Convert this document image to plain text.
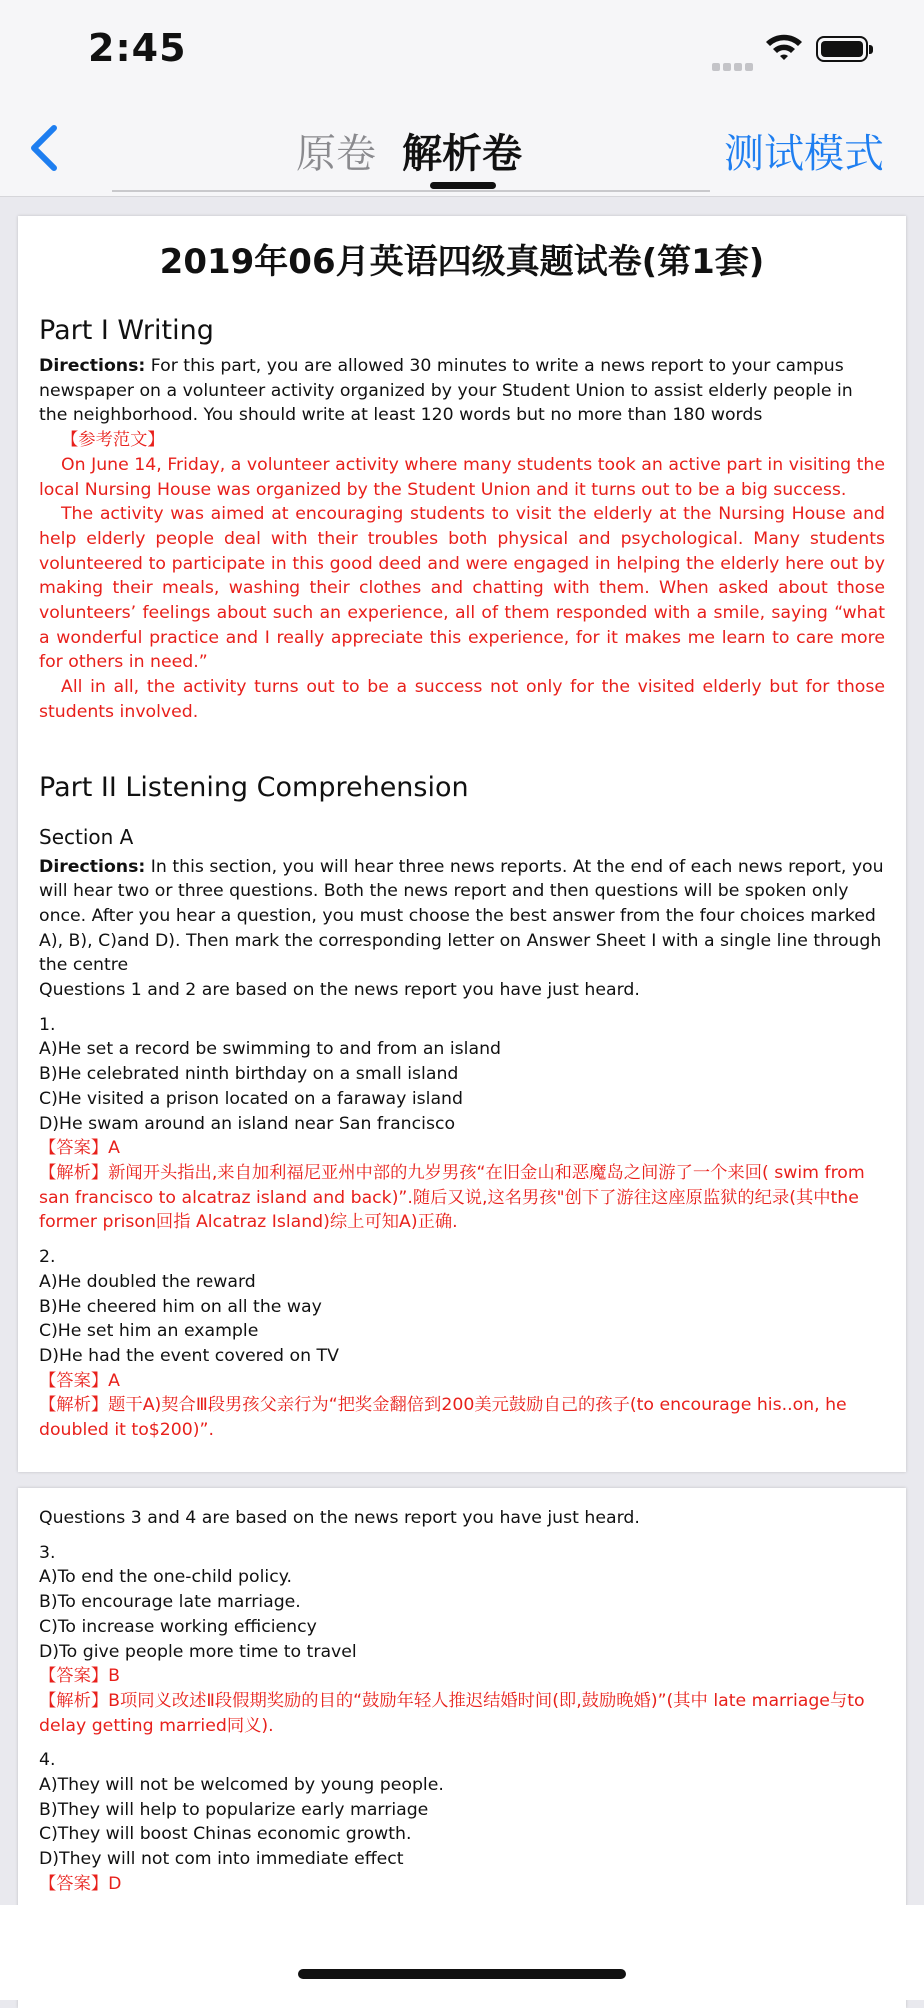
2:45
原卷 解析卷	测试模式
2019年06月英语四级真题试卷(第1套)
Part I Writing

Directions: For this part, you are allowed 30 minutes to write a news report to your campus newspaper on a volunteer activity organized by your Student Union to assist elderly people in the neighborhood. You should write at least 120 words but no more than 180 words

【参考范文】

On June 14, Friday, a volunteer activity where many students took an active part in visiting the local Nursing House was organized by the Student Union and it turns out to be a big success.

The activity was aimed at encouraging students to visit the elderly at the Nursing House and help elderly people deal with their troubles both physical and psychological. Many students volunteered to participate in this good deed and were engaged in helping the elderly here out by making their meals, washing their clothes and chatting with them. When asked about those volunteers’ feelings about such an experience, all of them responded with a smile, saying “what a wonderful practice and I really appreciate this experience, for it makes me learn to care more for others in need.”

All in all, the activity turns out to be a success not only for the visited elderly but for those students involved.

Part II Listening Comprehension
Section A

Directions: In this section, you will hear three news reports. At the end of each news report, you will hear two or three questions. Both the news report and then questions will be spoken only once. After you hear a question, you must choose the best answer from the four choices marked A), B), C)and D). Then mark the corresponding letter on Answer Sheet I with a single line through the centre

Questions 1 and 2 are based on the news report you have just heard.

1.

A)He set a record be swimming to and from an island

B)He celebrated ninth birthday on a small island

C)He visited a prison located on a faraway island

D)He swam around an island near San francisco

【答案】A

【解析】新闻开头指出,来自加利福尼亚州中部的九岁男孩“在旧金山和恶魔岛之间游了一个来回( swim from san francisco to alcatraz island and back)”.随后又说,这名男孩"创下了游往这座原监狱的纪录(其中the former prison回指 Alcatraz Island)综上可知A)正确.

2.

A)He doubled the reward

B)He cheered him on all the way

C)He set him an example

D)He had the event covered on TV

【答案】A

【解析】题干A)契合Ⅲ段男孩父亲行为“把奖金翻倍到200美元鼓励自己的孩子(to encourage his..on, he doubled it to$200)”.

Questions 3 and 4 are based on the news report you have just heard.

3.

A)To end the one-child policy.

B)To encourage late marriage.

C)To increase working efficiency

D)To give people more time to travel

【答案】B

【解析】B项同义改述Ⅱ段假期奖励的目的“鼓励年轻人推迟结婚时间(即,鼓励晚婚)”(其中 late marriage与to delay getting married同义).

4.

A)They will not be welcomed by young people.

B)They will help to popularize early marriage

C)They will boost Chinas economic growth.

D)They will not com into immediate effect

【答案】D
